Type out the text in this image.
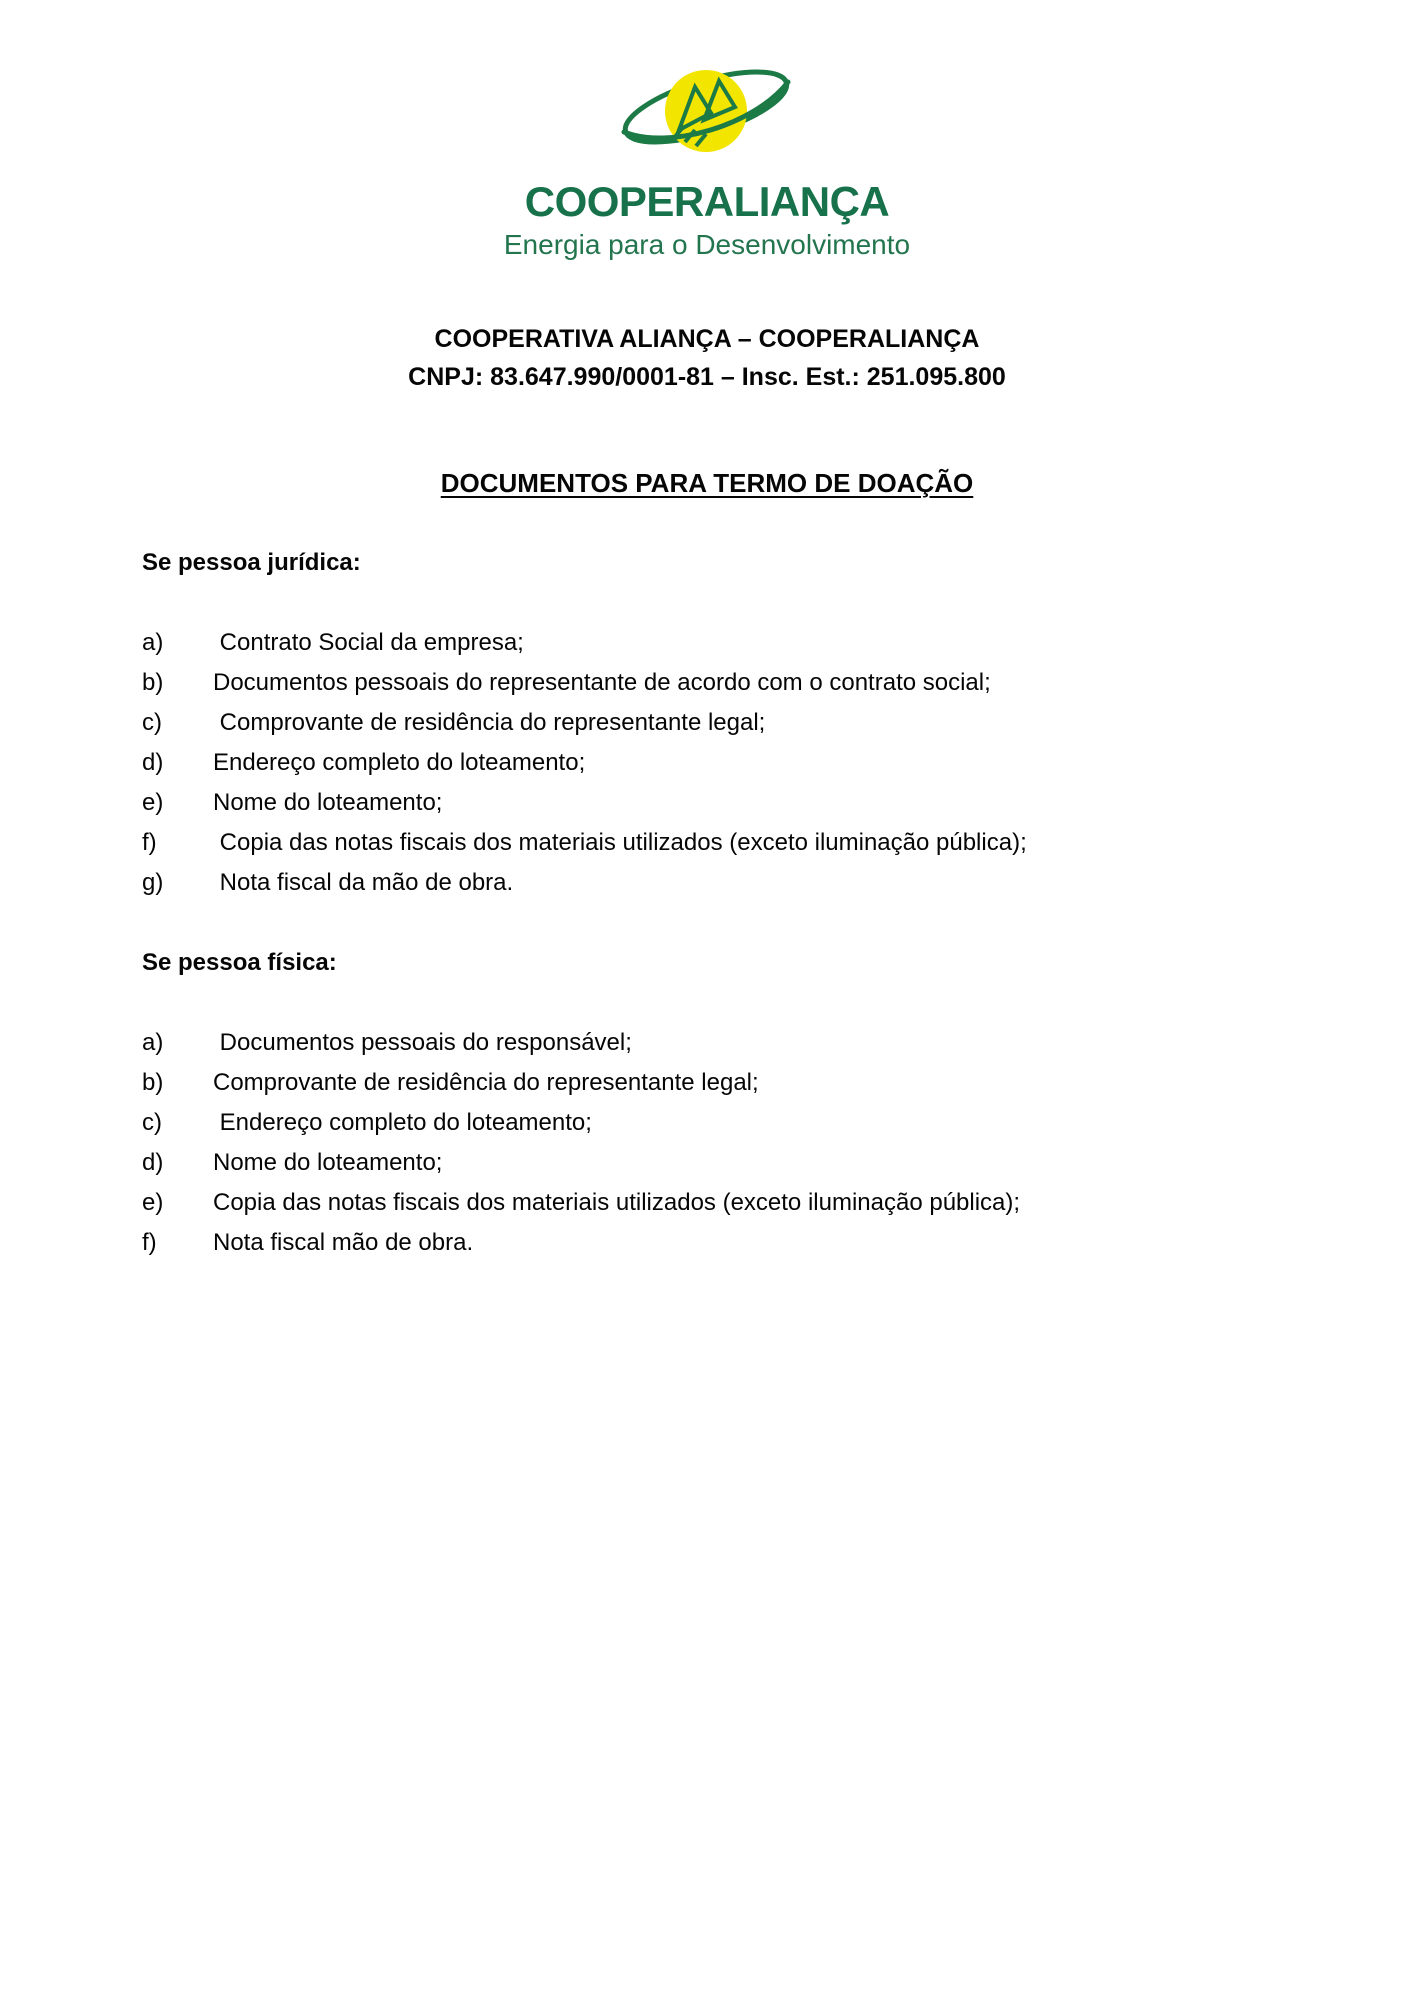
COOPERALIANÇA
Energia para o Desenvolvimento
COOPERATIVA ALIANÇA – COOPERALIANÇA
CNPJ: 83.647.990/0001-81 – Insc. Est.: 251.095.800
DOCUMENTOS PARA TERMO DE DOAÇÃO
Se pessoa jurídica:
a)	Contrato Social da empresa;
b)	Documentos pessoais do representante de acordo com o contrato social;
c)	Comprovante de residência do representante legal;
d)	Endereço completo do loteamento;
e)	Nome do loteamento;
f)	Copia das notas fiscais dos materiais utilizados (exceto iluminação pública);
g)	Nota fiscal da mão de obra.
Se pessoa física:
a)	Documentos pessoais do responsável;
b)	Comprovante de residência do representante legal;
c)	Endereço completo do loteamento;
d)	Nome do loteamento;
e)	Copia das notas fiscais dos materiais utilizados (exceto iluminação pública);
f)	Nota fiscal mão de obra.
